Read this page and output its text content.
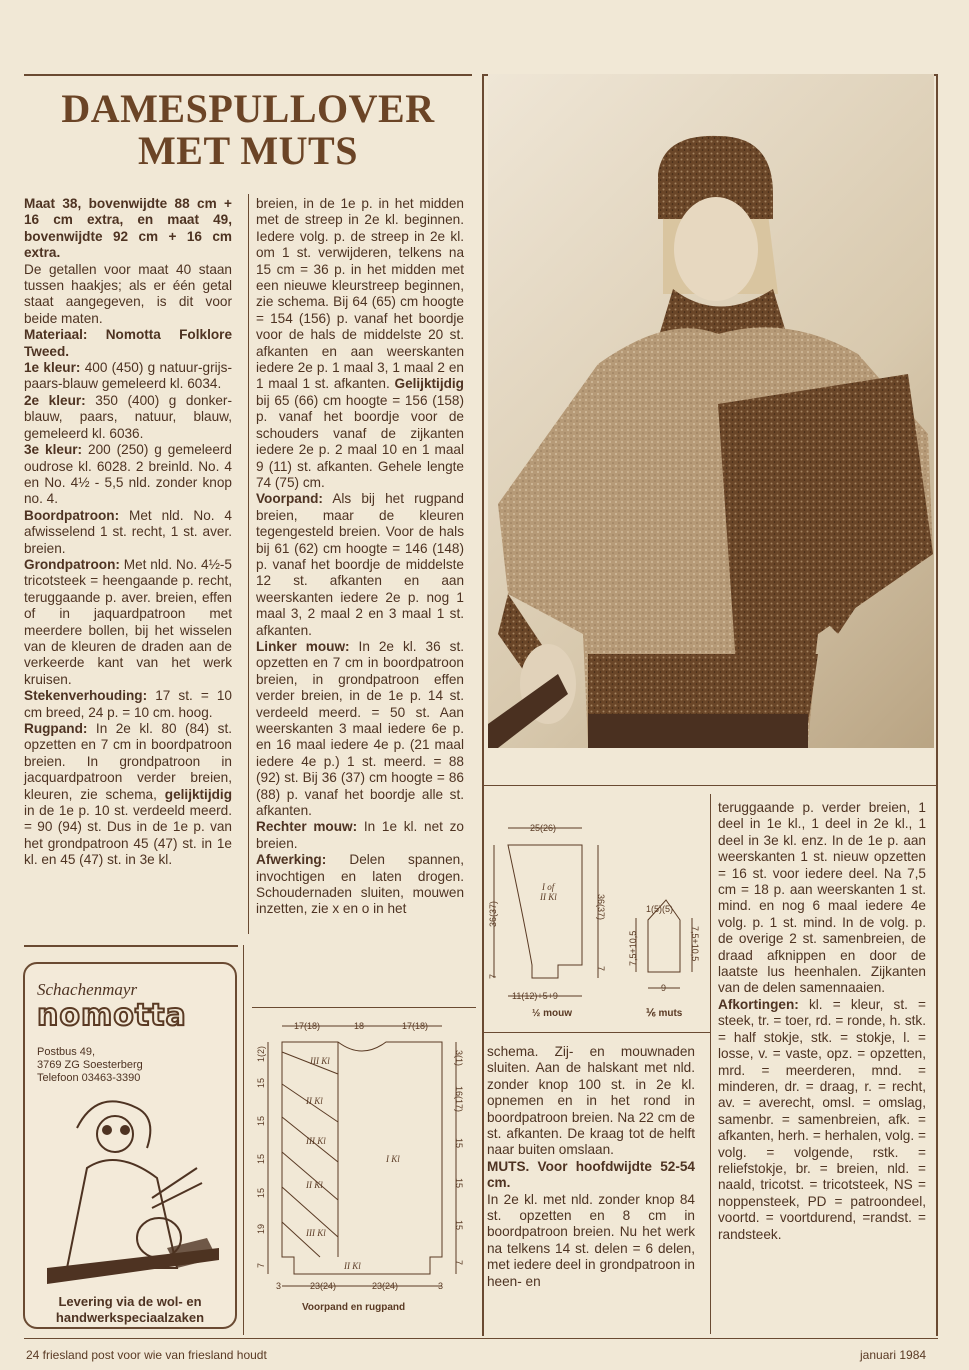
DAMESPULLOVER
MET MUTS
Maat 38, bovenwijdte 88 cm + 16 cm extra, en maat 49, bovenwijdte 92 cm + 16 cm extra.
De getallen voor maat 40 staan tussen haakjes; als er één getal staat aangegeven, is dit voor beide maten.
Materiaal: Nomotta Folklore Tweed.
1e kleur: 400 (450) g natuur-grijs-paars-blauw gemeleerd kl. 6034.
2e kleur: 350 (400) g donker-blauw, paars, natuur, blauw, gemeleerd kl. 6036.
3e kleur: 200 (250) g gemeleerd oudrose kl. 6028. 2 breinld. No. 4 en No. 4½ - 5,5 nld. zonder knop no. 4.
Boordpatroon: Met nld. No. 4 afwisselend 1 st. recht, 1 st. aver. breien.
Grondpatroon: Met nld. No. 4½-5 tricotsteek = heengaande p. recht, teruggaande p. aver. breien, effen of in jaquardpatroon met meerdere bollen, bij het wisselen van de kleuren de draden aan de verkeerde kant van het werk kruisen.
Stekenverhouding: 17 st. = 10 cm breed, 24 p. = 10 cm. hoog.
Rugpand: In 2e kl. 80 (84) st. opzetten en 7 cm in boordpatroon breien. In grondpatroon in jacquardpatroon verder breien, kleuren, zie schema, gelijktijdig in de 1e p. 10 st. verdeeld meerd. = 90 (94) st. Dus in de 1e p. van het grondpatroon 45 (47) st. in 1e kl. en 45 (47) st. in 3e kl.

breien, in de 1e p. in het midden met de streep in 2e kl. beginnen. Iedere volg. p. de streep in 2e kl. om 1 st. verwijderen, telkens na 15 cm = 36 p. in het midden met een nieuwe kleurstreep beginnen, zie schema. Bij 64 (65) cm hoogte = 154 (156) p. vanaf het boordje voor de hals de middelste 20 st. afkanten en aan weerskanten iedere 2e p. 1 maal 3, 1 maal 2 en 1 maal 1 st. afkanten. Gelijktijdig bij 65 (66) cm hoogte = 156 (158) p. vanaf het boordje voor de schouders vanaf de zijkanten iedere 2e p. 2 maal 10 en 1 maal 9 (11) st. afkanten. Gehele lengte 74 (75) cm.
Voorpand: Als bij het rugpand breien, maar de kleuren tegengesteld breien. Voor de hals bij 61 (62) cm hoogte = 146 (148) p. vanaf het boordje de middelste 12 st. afkanten en aan weerskanten iedere 2e p. nog 1 maal 3, 2 maal 2 en 3 maal 1 st. afkanten.
Linker mouw: In 2e kl. 36 st. opzetten en 7 cm in boordpatroon breien, in grondpatroon effen verder breien, in de 1e p. 14 st. verdeeld meerd. = 50 st. Aan weerskanten 3 maal iedere 6e p. en 16 maal iedere 4e p. (21 maal iedere 4e p.) 1 st. meerd. = 88 (92) st. Bij 36 (37) cm hoogte = 86 (88) p. vanaf het boordje alle st. afkanten.
Rechter mouw: In 1e kl. net zo breien.
Afwerking: Delen spannen, invochtigen en laten drogen. Schoudernaden sluiten, mouwen inzetten, zie x en o in het

schema. Zij- en mouwnaden sluiten. Aan de halskant met nld. zonder knop 100 st. in 2e kl. opnemen en in het rond in boordpatroon breien. Na 22 cm de st. afkanten. De kraag tot de helft naar buiten omslaan.
MUTS. Voor hoofdwijdte 52-54 cm.
In 2e kl. met nld. zonder knop 84 st. opzetten en 8 cm in boordpatroon breien. Nu het werk na telkens 14 st. delen = 6 delen, met iedere deel in grondpatroon in heen- en

teruggaande p. verder breien, 1 deel in 1e kl., 1 deel in 2e kl., 1 deel in 3e kl. enz. In de 1e p. aan weerskanten 1 st. nieuw opzetten = 16 st. voor iedere deel. Na 7,5 cm = 18 p. aan weerskanten 1 st. mind. en nog 6 maal iedere 4e volg. p. 1 st. mind. In de volg. p. de overige 2 st. samenbreien, de draad afknippen en door de laatste lus heenhalen. Zijkanten van de delen samennaaien.
Afkortingen: kl. = kleur, st. = steek, tr. = toer, rd. = ronde, h. stk. = half stokje, stk. = stokje, l. = losse, v. = vaste, opz. = opzetten, mrd. = meerderen, mnd. = minderen, dr. = draag, r. = recht, av. = averecht, omsl. = omslag, samenbr. = samenbreien, afk. = afkanten, herh. = herhalen, volg. = volg. = volgende, rstk. = reliefstokje, br. = breien, nld. = naald, tricotst. = tricotsteek, NS = noppensteek, PD = patroondeel, voortd. = voortdurend, =randst. = randsteek.

25(26)
36(37)	36(37)
7
7
11(12)+5+9
I of
II Kl
½ mouw
1(5)(5)
7,5+10,5	7,5+10,5
9
⅙ muts
17(18)	18	17(18)
3	23(24)	23(24)	3
1(2)
15
15
15
15
19
7
3(1)
16(17)
15
15
15
7
III Kl
II Kl
III Kl
II Kl
III Kl
I Kl
II Kl
Voorpand en rugpand
Schachenmayr
nomotta
Postbus 49,
3769 ZG Soesterberg
Telefoon 03463-3390
Levering via de wol- en
handwerkspeciaalzaken
24 friesland post voor wie van friesland houdt	januari 1984
